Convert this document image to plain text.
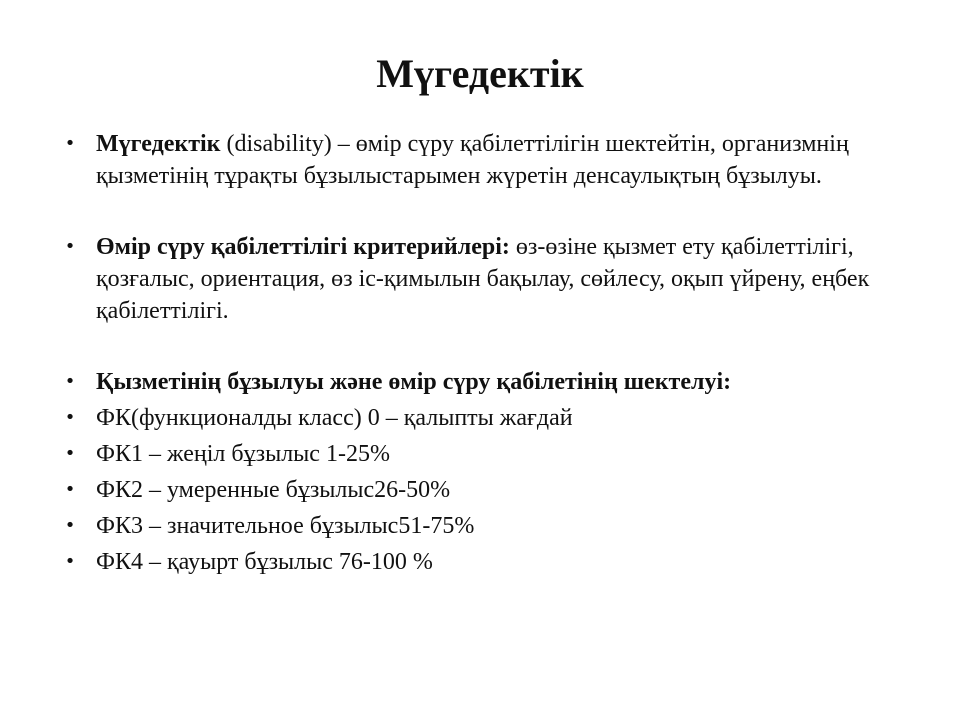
Мүгедектік
• Мүгедектік (disability) – өмір сүру қабілеттілігін шектейтін, организмнің қызметінің тұрақты бұзылыстарымен жүретін денсаулықтың бұзылуы.
• Өмір сүру қабілеттілігі критерийлері: өз-өзіне қызмет ету қабілеттілігі, қозғалыс, ориентация, өз іс-қимылын бақылау, сөйлесу, оқып үйрену, еңбек қабілеттілігі.
• Қызметінің бұзылуы және өмір сүру қабілетінің шектелуі:
• ФК(функционалды класс) 0 – қалыпты жағдай
• ФК1 – жеңіл бұзылыс 1-25%
• ФК2 – умеренные бұзылыс26-50%
• ФК3 – значительное бұзылыс51-75%
• ФК4 – қауырт бұзылыс 76-100 %
